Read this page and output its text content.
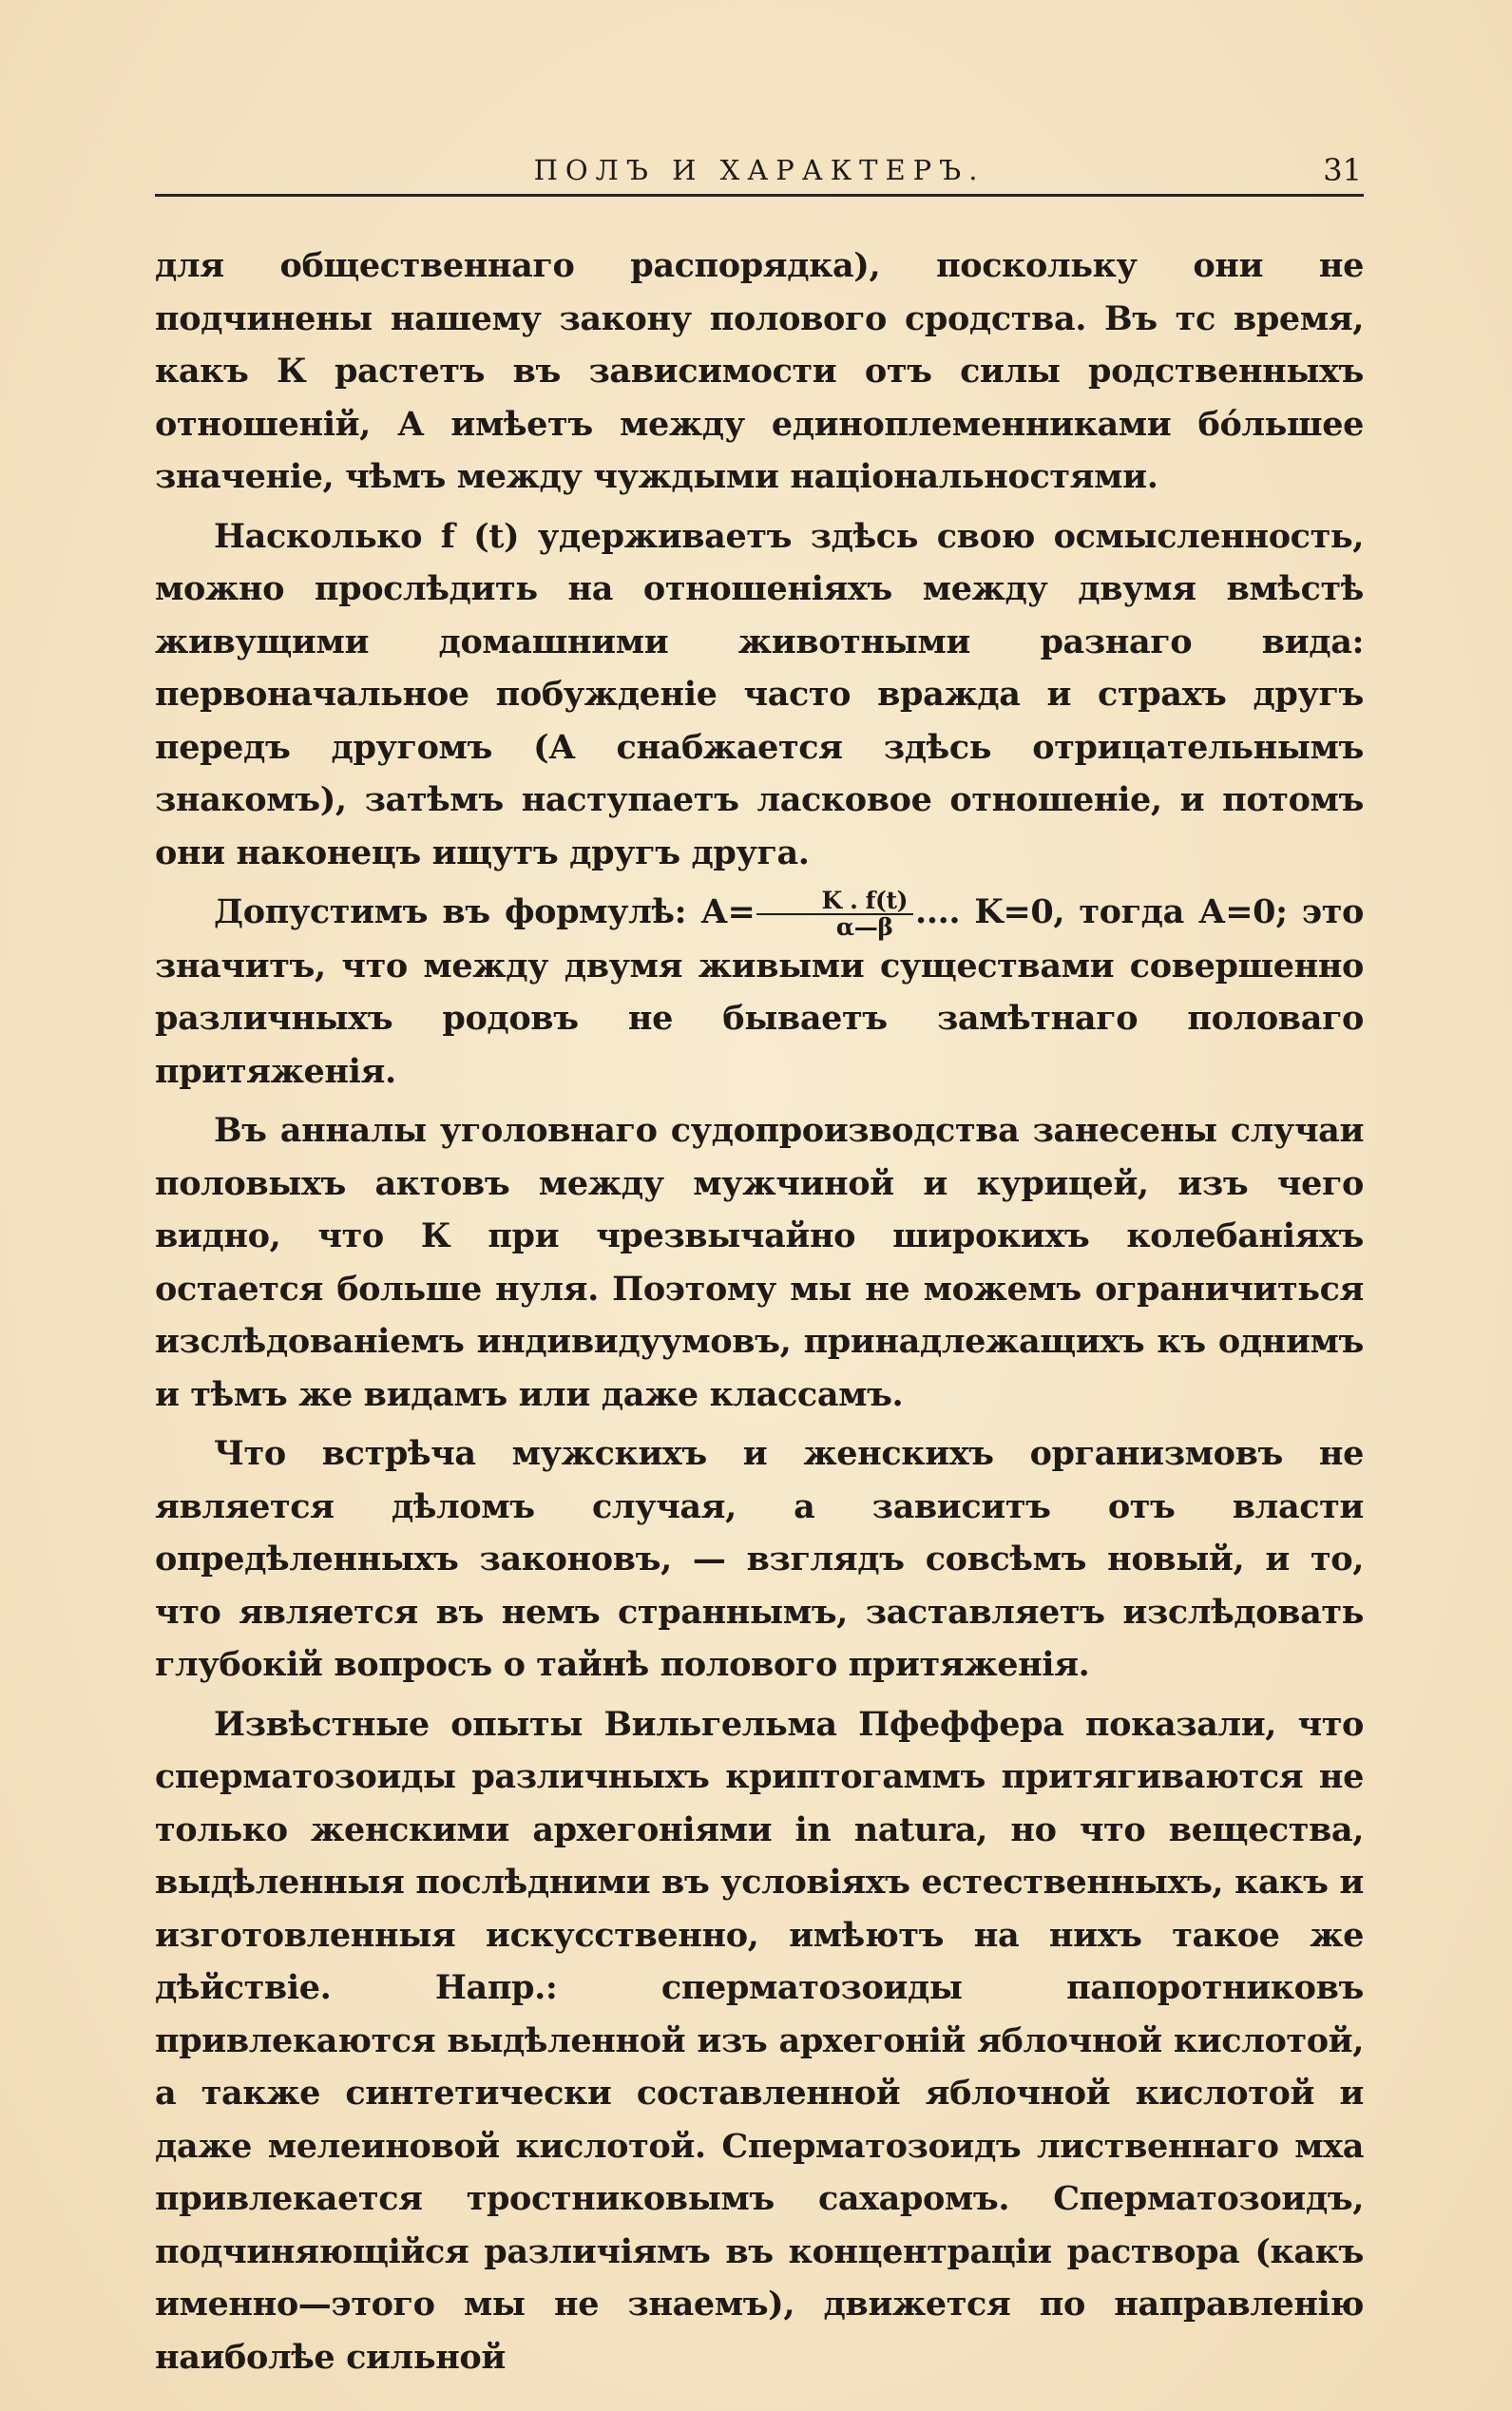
ПОЛЪ И ХАРАКТЕРЪ.	31

для общественнаго распорядка), поскольку они не подчинены нашему закону полового сродства. Въ тс время, какъ К растетъ въ зависимости отъ силы родственныхъ отношеній, А имѣетъ между единоплеменниками бóльшее значеніе, чѣмъ между чуждыми національностями.

Насколько f (t) удерживаетъ здѣсь свою осмысленность, можно прослѣдить на отношеніяхъ между двумя вмѣстѣ живущими домашними животными разнаго вида: первоначальное побужденіе часто вражда и страхъ другъ передъ другомъ (А снабжается здѣсь отрицательнымъ знакомъ), затѣмъ наступаетъ ласковое отношеніе, и потомъ они наконецъ ищутъ другъ друга.

Допустимъ въ формулѣ: $А= \frac{K . f(t)}{\alpha—\beta}$ .... K=0, тогда А=0; это значитъ, что между двумя живыми существами совершенно различныхъ родовъ не бываетъ замѣтнаго половаго притяженія.

Въ анналы уголовнаго судопроизводства занесены случаи половыхъ актовъ между мужчиной и курицей, изъ чего видно, что К при чрезвычайно широкихъ колебаніяхъ остается больше нуля. Поэтому мы не можемъ ограничиться изслѣдованіемъ индивидуумовъ, принадлежащихъ къ однимъ и тѣмъ же видамъ или даже классамъ.

Что встрѣча мужскихъ и женскихъ организмовъ не является дѣломъ случая, а зависитъ отъ власти опредѣленныхъ законовъ, — взглядъ совсѣмъ новый, и то, что является въ немъ страннымъ, заставляетъ изслѣдовать глубокій вопросъ о тайнѣ полового притяженія.

Извѣстные опыты Вильгельма Пфеффера показали, что сперматозоиды различныхъ криптогаммъ притягиваются не только женскими архегоніями in natura, но что вещества, выдѣленныя послѣдними въ условіяхъ естественныхъ, какъ и изготовленныя искусственно, имѣютъ на нихъ такое же дѣйствіе. Напр.: сперматозоиды папоротниковъ привлекаются выдѣленной изъ архегоній яблочной кислотой, а также синтетически составленной яблочной кислотой и даже мелеиновой кислотой. Сперматозоидъ лиственнаго мха привлекается тростниковымъ сахаромъ. Сперматозоидъ, подчиняющійся различіямъ въ концентраціи раствора (какъ именно—этого мы не знаемъ), движется по направленію наиболѣе сильной
